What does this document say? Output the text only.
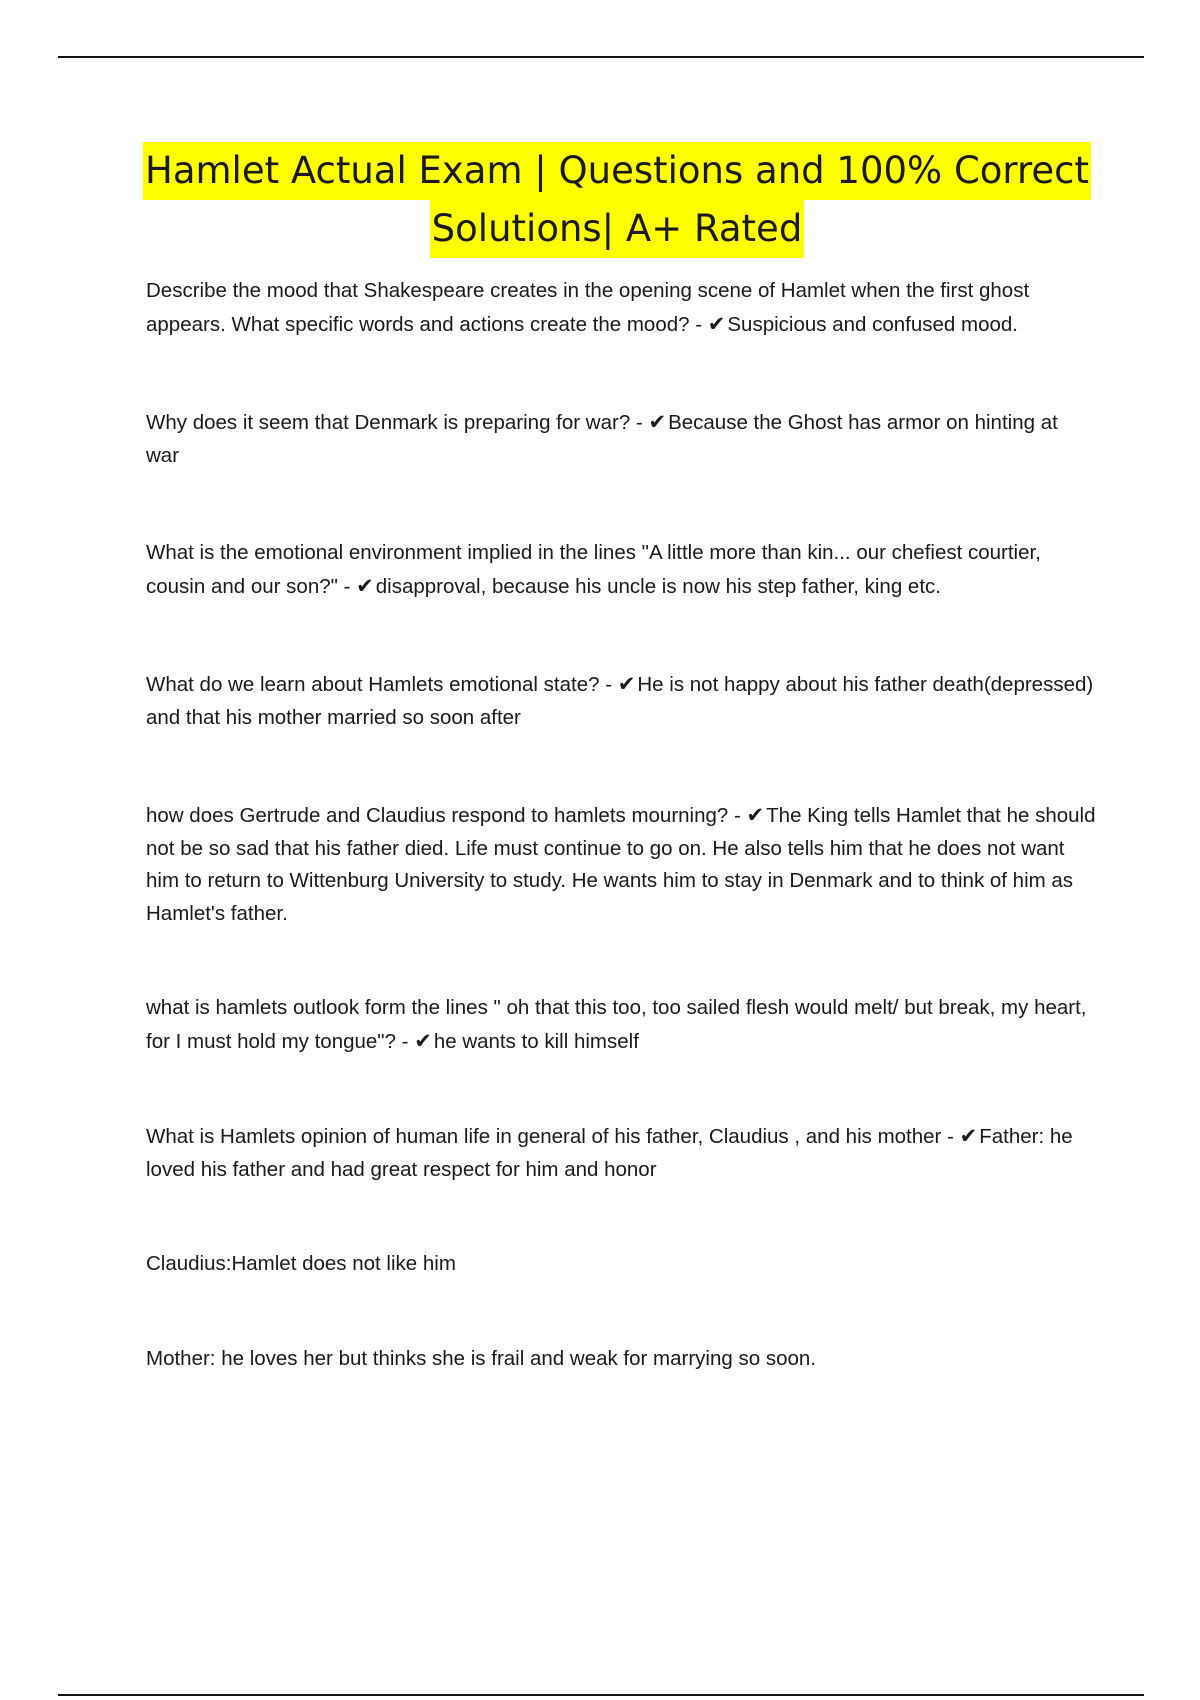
Hamlet Actual Exam | Questions and 100% Correct
Solutions| A+ Rated

Describe the mood that Shakespeare creates in the opening scene of Hamlet when the first ghost appears. What specific words and actions create the mood? - ✔Suspicious and confused mood.

Why does it seem that Denmark is preparing for war? - ✔Because the Ghost has armor on hinting at war

What is the emotional environment implied in the lines "A little more than kin... our chefiest courtier, cousin and our son?" - ✔disapproval, because his uncle is now his step father, king etc.

What do we learn about Hamlets emotional state? - ✔He is not happy about his father death(depressed) and that his mother married so soon after

how does Gertrude and Claudius respond to hamlets mourning? - ✔The King tells Hamlet that he should not be so sad that his father died. Life must continue to go on. He also tells him that he does not want him to return to Wittenburg University to study. He wants him to stay in Denmark and to think of him as Hamlet's father.

what is hamlets outlook form the lines " oh that this too, too sailed flesh would melt/ but break, my heart, for I must hold my tongue"? - ✔he wants to kill himself

What is Hamlets opinion of human life in general of his father, Claudius , and his mother - ✔Father: he loved his father and had great respect for him and honor

Claudius:Hamlet does not like him

Mother: he loves her but thinks she is frail and weak for marrying so soon.
